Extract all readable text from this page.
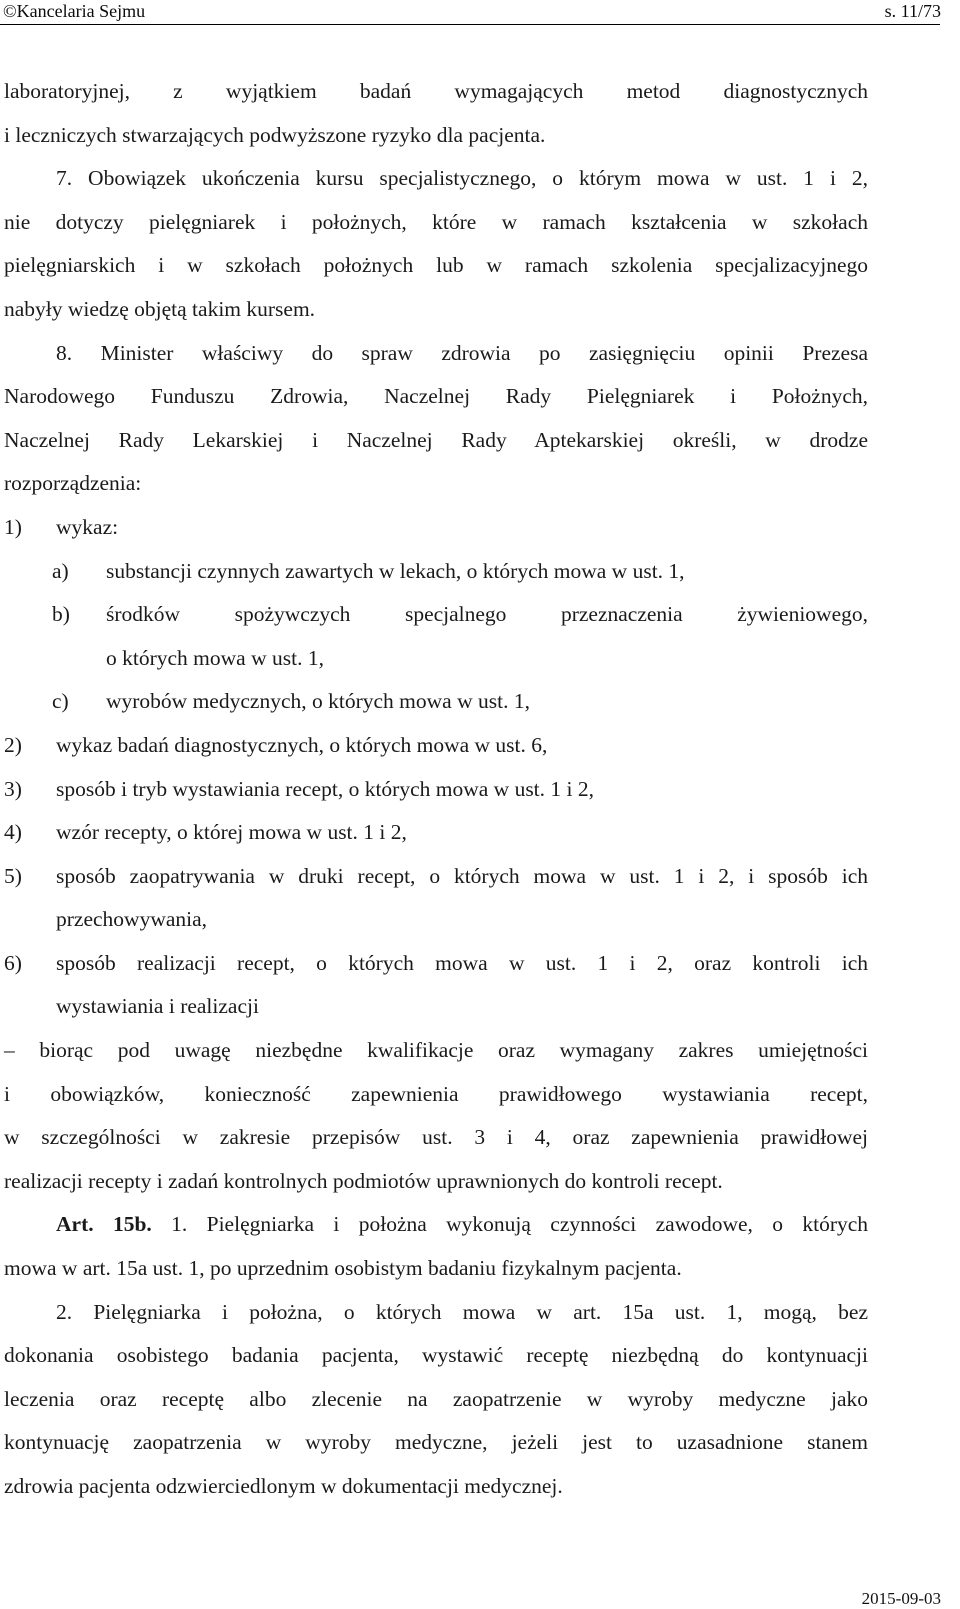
©Kancelaria Sejmu	s. 11/73
laboratoryjnej, z wyjątkiem badań wymagających metod diagnostycznych
i leczniczych stwarzających podwyższone ryzyko dla pacjenta.
7. Obowiązek ukończenia kursu specjalistycznego, o którym mowa w ust. 1 i 2,
nie dotyczy pielęgniarek i położnych, które w ramach kształcenia w szkołach
pielęgniarskich i w szkołach położnych lub w ramach szkolenia specjalizacyjnego
nabyły wiedzę objętą takim kursem.
8. Minister właściwy do spraw zdrowia po zasięgnięciu opinii Prezesa
Narodowego Funduszu Zdrowia, Naczelnej Rady Pielęgniarek i Położnych,
Naczelnej Rady Lekarskiej i Naczelnej Rady Aptekarskiej określi, w drodze
rozporządzenia:
1)	wykaz:
a)	substancji czynnych zawartych w lekach, o których mowa w ust. 1,
b)	środków spożywczych specjalnego przeznaczenia żywieniowego,
o których mowa w ust. 1,
c)	wyrobów medycznych, o których mowa w ust. 1,
2)	wykaz badań diagnostycznych, o których mowa w ust. 6,
3)	sposób i tryb wystawiania recept, o których mowa w ust. 1 i 2,
4)	wzór recepty, o której mowa w ust. 1 i 2,
5)	sposób zaopatrywania w druki recept, o których mowa w ust. 1 i 2, i sposób ich
przechowywania,
6)	sposób realizacji recept, o których mowa w ust. 1 i 2, oraz kontroli ich
wystawiania i realizacji
– biorąc pod uwagę niezbędne kwalifikacje oraz wymagany zakres umiejętności
i obowiązków, konieczność zapewnienia prawidłowego wystawiania recept,
w szczególności w zakresie przepisów ust. 3 i 4, oraz zapewnienia prawidłowej
realizacji recepty i zadań kontrolnych podmiotów uprawnionych do kontroli recept.
Art. 15b. 1. Pielęgniarka i położna wykonują czynności zawodowe, o których
mowa w art. 15a ust. 1, po uprzednim osobistym badaniu fizykalnym pacjenta.
2. Pielęgniarka i położna, o których mowa w art. 15a ust. 1, mogą, bez
dokonania osobistego badania pacjenta, wystawić receptę niezbędną do kontynuacji
leczenia oraz receptę albo zlecenie na zaopatrzenie w wyroby medyczne jako
kontynuację zaopatrzenia w wyroby medyczne, jeżeli jest to uzasadnione stanem
zdrowia pacjenta odzwierciedlonym w dokumentacji medycznej.
2015-09-03
